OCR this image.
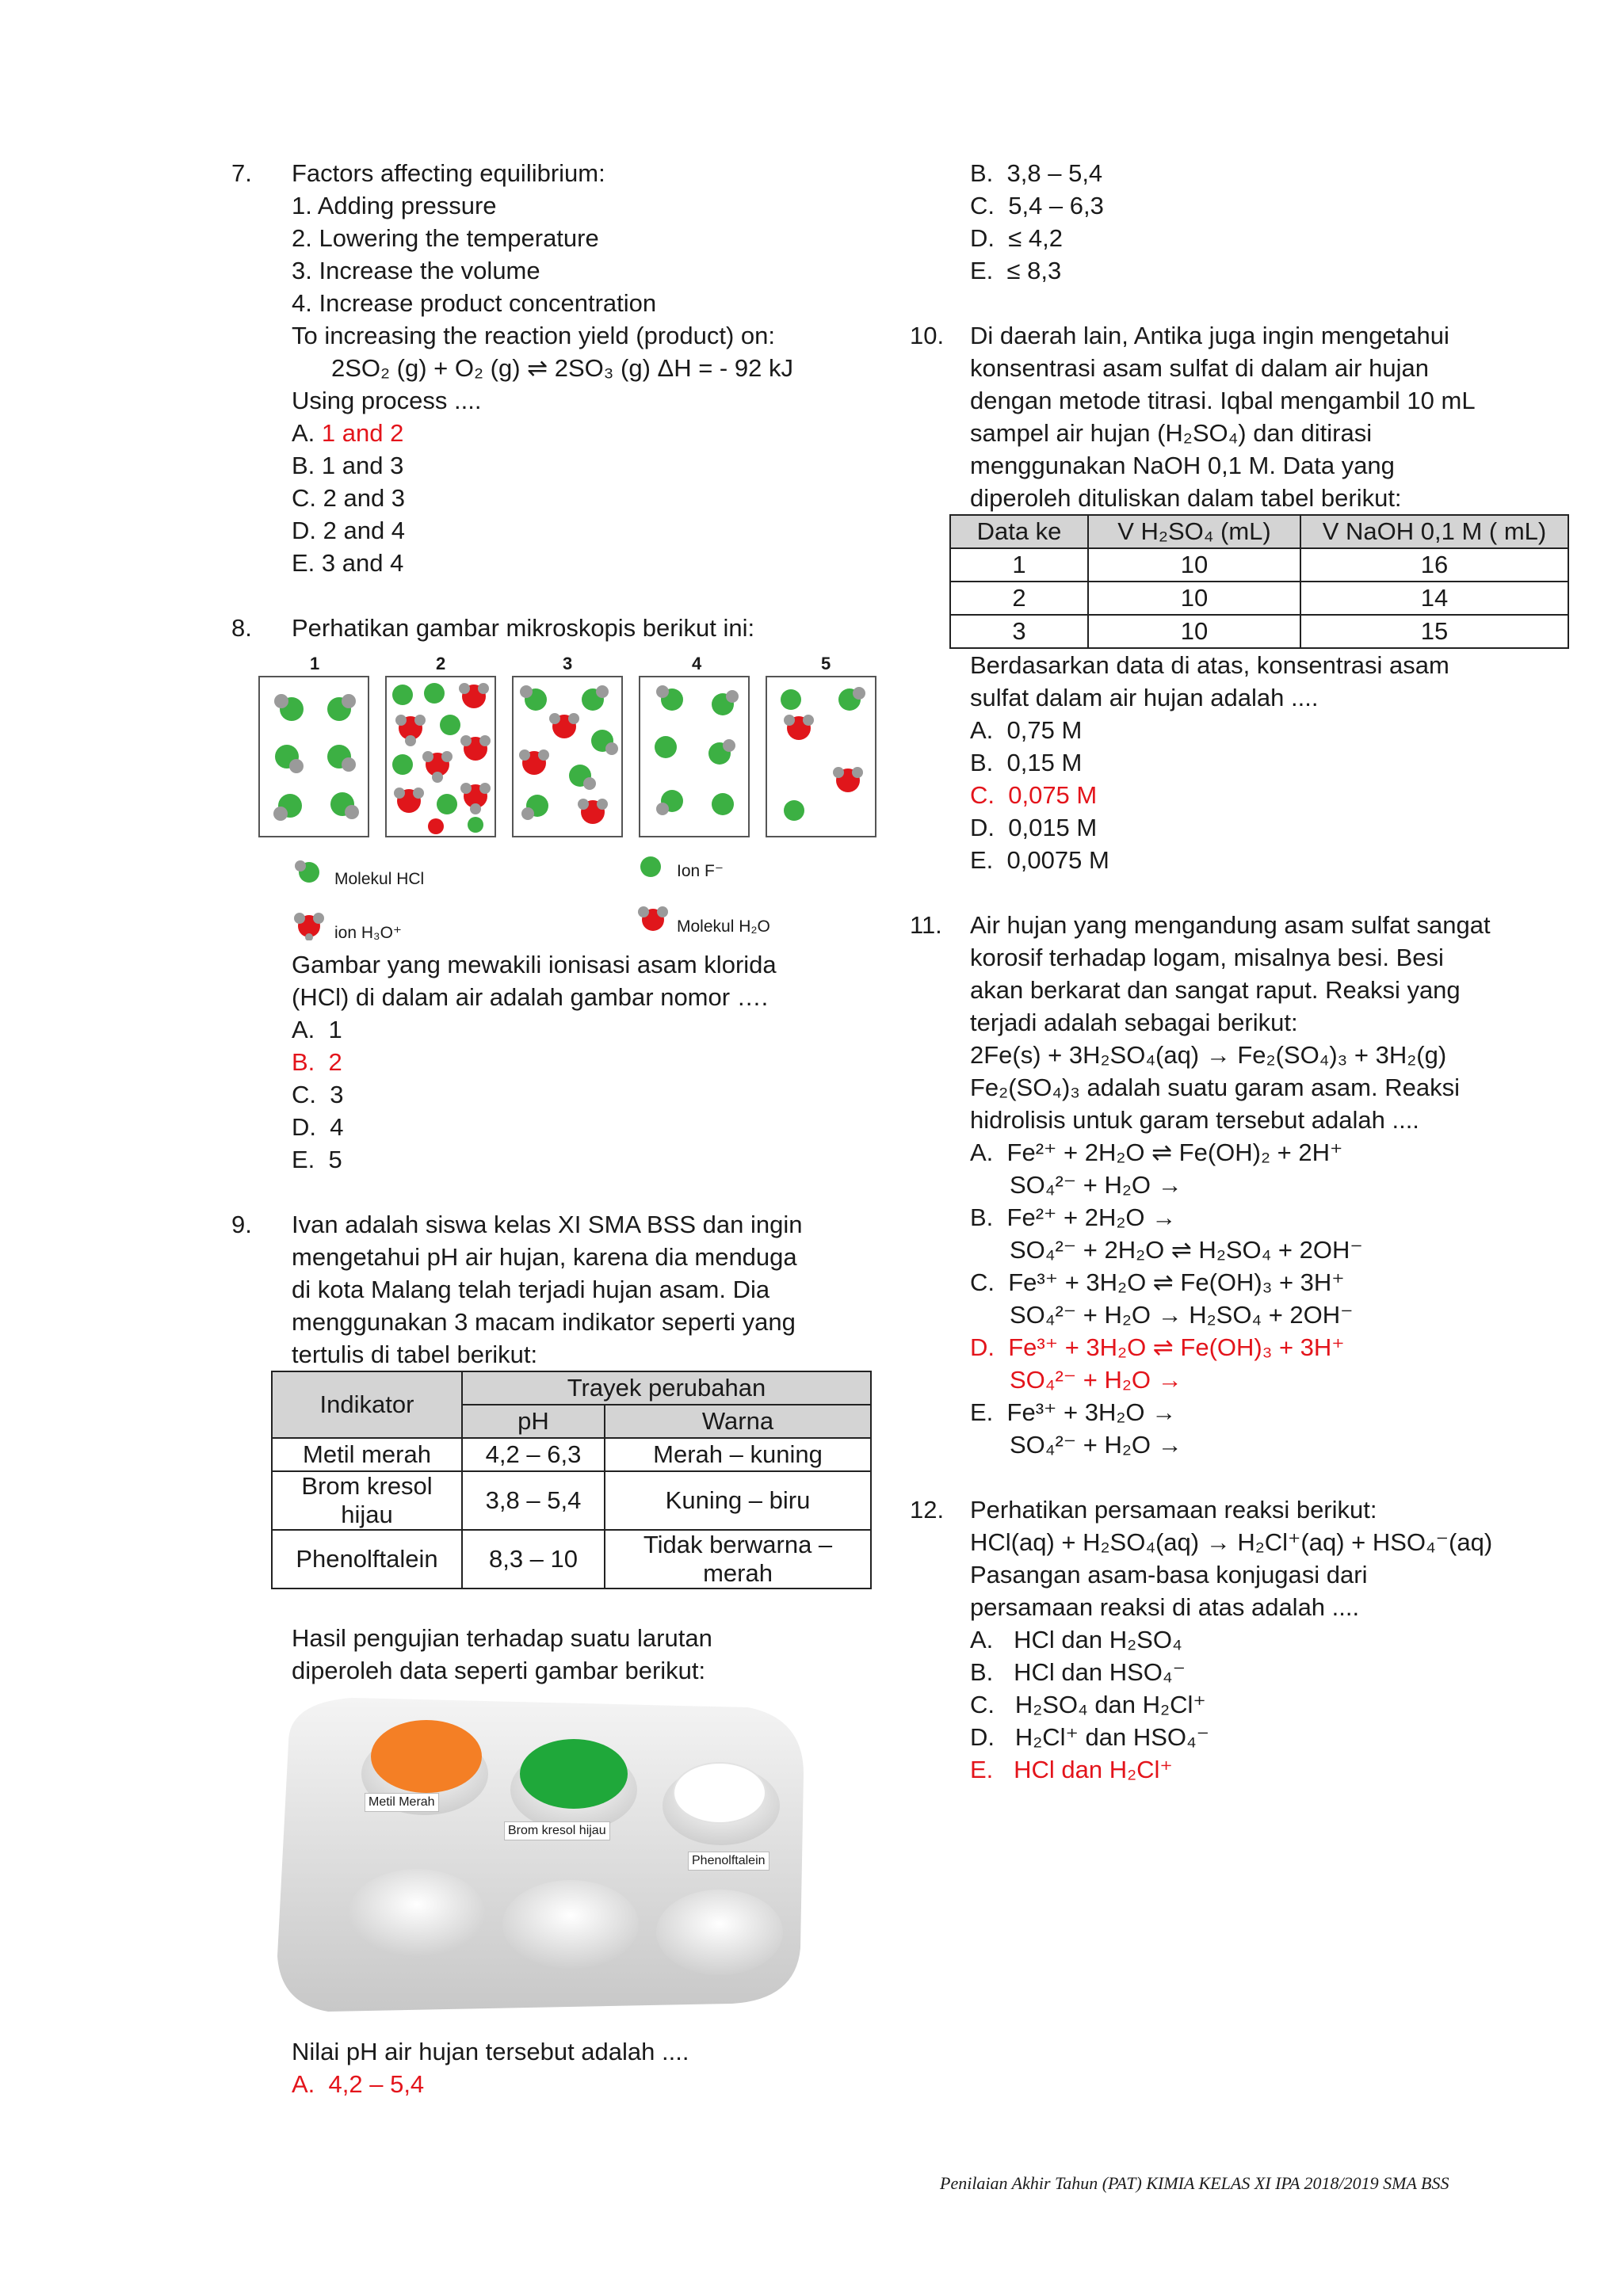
7. Factors affecting equilibrium:
1. Adding pressure
2. Lowering the temperature
3. Increase the volume
4. Increase product concentration
To increasing the reaction yield (product) on:
2SO₂ (g) + O₂ (g) ⇌ 2SO₃ (g) ΔH = - 92 kJ
Using process ....
A. 1 and 2
B. 1 and 3
C. 2 and 3
D. 2 and 4
E. 3 and 4
8. Perhatikan gambar mikroskopis berikut ini:
1	2	3	4	5
Molekul HCl	Ion F⁻
ion H₃O⁺	Molekul H₂O
Gambar yang mewakili ionisasi asam klorida
(HCl) di dalam air adalah gambar nomor ….
A.  1
B.  2
C.  3
D.  4
E.  5
9. Ivan adalah siswa kelas XI SMA BSS dan ingin
mengetahui pH air hujan, karena dia menduga
di kota Malang telah terjadi hujan asam. Dia
menggunakan 3 macam indikator seperti yang
tertulis di tabel berikut:
Indikator	Trayek perubahan	
	pH	Warna
Metil merah	4,2 – 6,3	Merah – kuning
Brom kresol hijau	3,8 – 5,4	Kuning – biru
Phenolftalein	8,3 – 10	Tidak berwarna – merah
Hasil pengujian terhadap suatu larutan
diperoleh data seperti gambar berikut:
Metil Merah
Brom kresol hijau
Phenolftalein
Nilai pH air hujan tersebut adalah ....
A.  4,2 – 5,4
B.  3,8 – 5,4
C.  5,4 – 6,3
D.  ≤ 4,2
E.  ≤ 8,3
10. Di daerah lain, Antika juga ingin mengetahui
konsentrasi asam sulfat di dalam air hujan
dengan metode titrasi. Iqbal mengambil 10 mL
sampel air hujan (H₂SO₄) dan ditirasi
menggunakan NaOH 0,1 M. Data yang
diperoleh dituliskan dalam tabel berikut:
Data ke	V H₂SO₄ (mL)	V NaOH 0,1 M ( mL)
1	10	16
2	10	14
3	10	15
Berdasarkan data di atas, konsentrasi asam
sulfat dalam air hujan adalah ....
A.  0,75 M
B.  0,15 M
C.  0,075 M
D.  0,015 M
E.  0,0075 M
11. Air hujan yang mengandung asam sulfat sangat
korosif terhadap logam, misalnya besi. Besi
akan berkarat dan sangat raput. Reaksi yang
terjadi adalah sebagai berikut:
2Fe(s) + 3H₂SO₄(aq) → Fe₂(SO₄)₃ + 3H₂(g)
Fe₂(SO₄)₃ adalah suatu garam asam. Reaksi
hidrolisis untuk garam tersebut adalah ....
A.  Fe²⁺ + 2H₂O ⇌ Fe(OH)₂ + 2H⁺
SO₄²⁻ + H₂O →
B.  Fe²⁺ + 2H₂O →
SO₄²⁻ + 2H₂O ⇌ H₂SO₄ + 2OH⁻
C.  Fe³⁺ + 3H₂O ⇌ Fe(OH)₃ + 3H⁺
SO₄²⁻ + H₂O → H₂SO₄ + 2OH⁻
D.  Fe³⁺ + 3H₂O ⇌ Fe(OH)₃ + 3H⁺
SO₄²⁻ + H₂O →
E.  Fe³⁺ + 3H₂O →
SO₄²⁻ + H₂O →
12. Perhatikan persamaan reaksi berikut:
HCl(aq) + H₂SO₄(aq) → H₂Cl⁺(aq) + HSO₄⁻(aq)
Pasangan asam-basa konjugasi dari
persamaan reaksi di atas adalah ....
A.   HCl dan H₂SO₄
B.   HCl dan HSO₄⁻
C.   H₂SO₄ dan H₂Cl⁺
D.   H₂Cl⁺ dan HSO₄⁻
E.   HCl dan H₂Cl⁺
Penilaian Akhir Tahun (PAT) KIMIA KELAS XI IPA 2018/2019 SMA BSS
